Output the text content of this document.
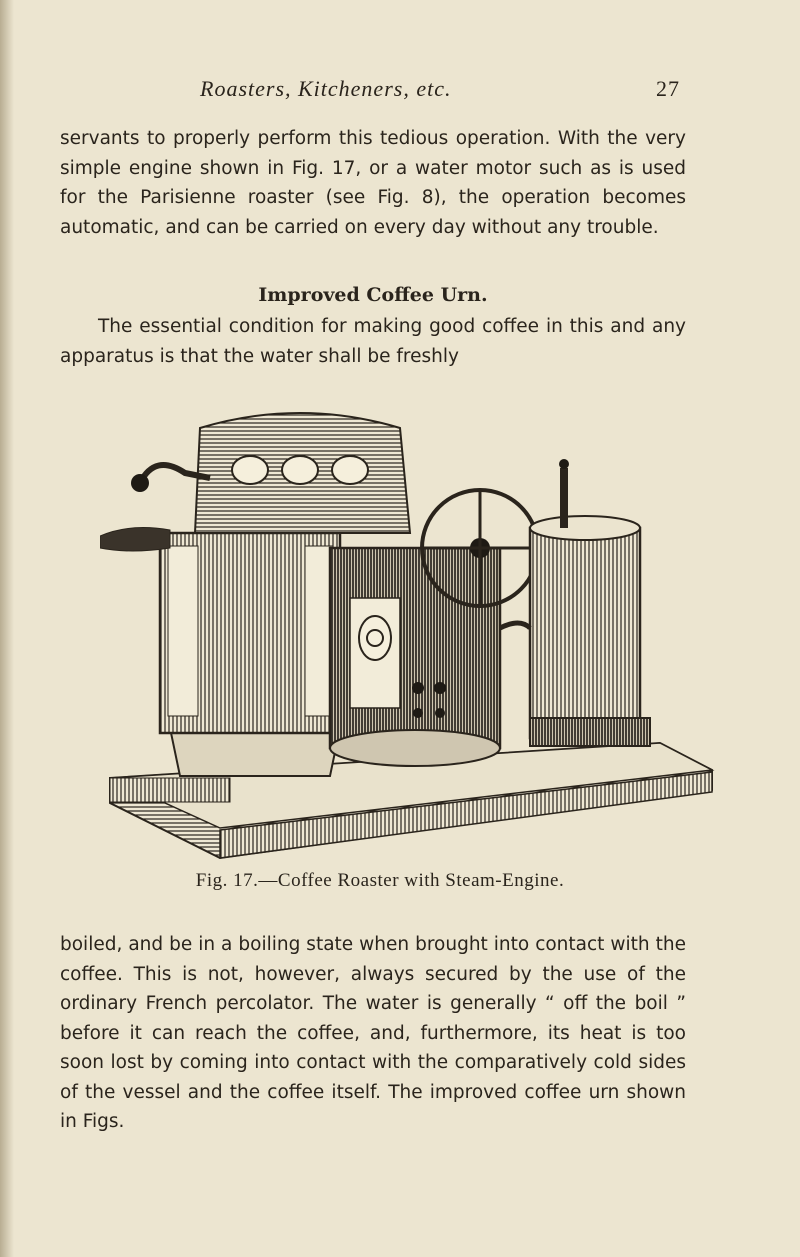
Roasters, Kitcheners, etc.	27
servants to properly perform this tedious operation. With the very simple engine shown in Fig. 17, or a water motor such as is used for the Parisienne roaster (see Fig. 8), the operation becomes automatic, and can be carried on every day without any trouble.
Improved Coffee Urn.
The essential condition for making good coffee in this and any apparatus is that the water shall be freshly
Fig. 17.—Coffee Roaster with Steam-Engine.
boiled, and be in a boiling state when brought into contact with the coffee. This is not, however, always secured by the use of the ordinary French percolator. The water is generally “ off the boil ” before it can reach the coffee, and, furthermore, its heat is too soon lost by coming into contact with the comparatively cold sides of the vessel and the coffee itself. The improved coffee urn shown in Figs.
